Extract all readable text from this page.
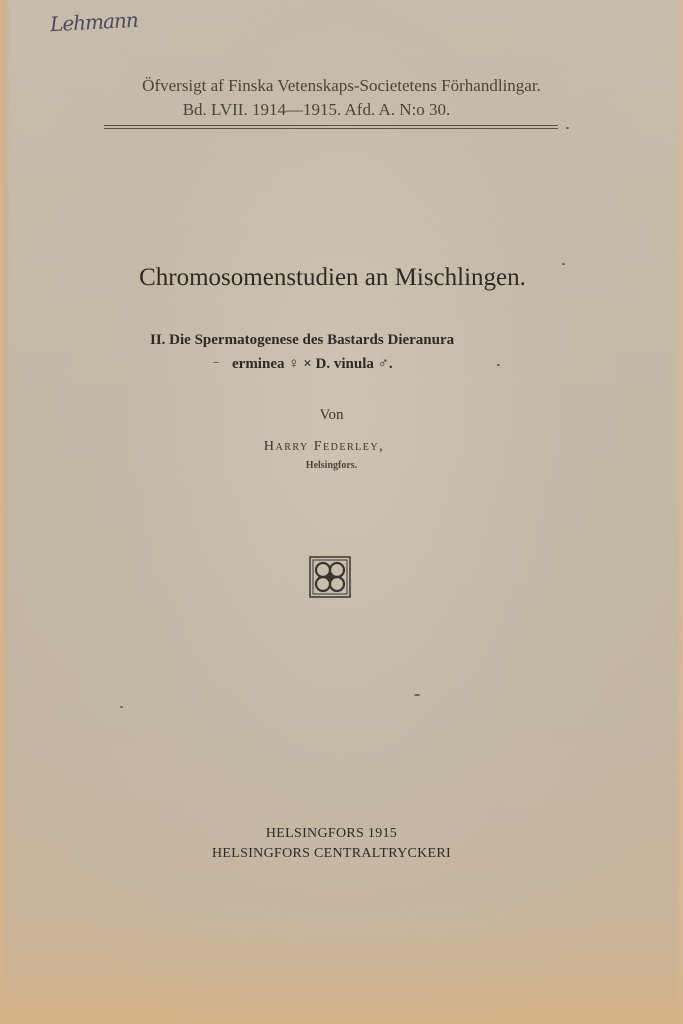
Lehmann
Öfversigt af Finska Vetenskaps-Societetens Förhandlingar.
Bd. LVII. 1914—1915. Afd. A. N:o 30.
Chromosomenstudien an Mischlingen.
II. Die Spermatogenese des Bastards Dieranura
erminea ♀ × D. vinula ♂.
Von
Harry Federley,
Helsingfors.
HELSINGFORS 1915
HELSINGFORS CENTRALTRYCKERI
